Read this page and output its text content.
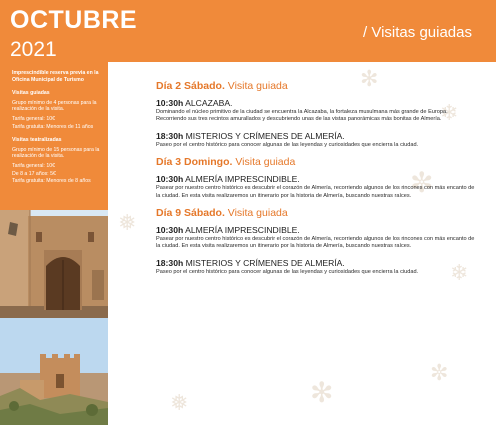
OCTUBRE
2021
/ Visitas guiadas
Imprescindible reserva previa en la Oficina Municipal de Turismo
Visitas guiadas
Grupo mínimo de 4 personas para la realización de la visita.
Tarifa general: 10€
Tarifa gratuita: Menores de 11 años
Visitas teatralizadas
Grupo mínimo de 15 personas para la realización de la visita.
Tarifa general: 10€
De 8 a 17 años: 5€
Tarifa gratuita: Menores de 8 años
✻
❄
✼
❅
❄
✻
❅
✼
Día 2 Sábado. Visita guiada
10:30h ALCAZABA.
Dominando el núcleo primitivo de la ciudad se encuentra la Alcazaba, la fortaleza musulmana más grande de Europa. Recorriendo sus tres recintos amurallados y descubriendo unas de las vistas panorámicas más bonitas de Almería.
18:30h MISTERIOS Y CRÍMENES DE ALMERÍA.
Paseo por el centro histórico para conocer algunas de las leyendas y curiosidades que encierra la ciudad.
Día 3 Domingo. Visita guiada
10:30h ALMERÍA IMPRESCINDIBLE.
Pasear por nuestro centro histórico es descubrir el corazón de Almería, recorriendo algunos de los rincones con más encanto de la ciudad. En esta visita realizaremos un itinerario por la historia de Almería, buscando nuestras raíces.
Día 9 Sábado. Visita guiada
10:30h ALMERÍA IMPRESCINDIBLE.
Pasear por nuestro centro histórico es descubrir el corazón de Almería, recorriendo algunos de los rincones con más encanto de la ciudad. En esta visita realizaremos un itinerario por la historia de Almería, buscando nuestras raíces.
18:30h MISTERIOS Y CRÍMENES DE ALMERÍA.
Paseo por el centro histórico para conocer algunas de las leyendas y curiosidades que encierra la ciudad.
